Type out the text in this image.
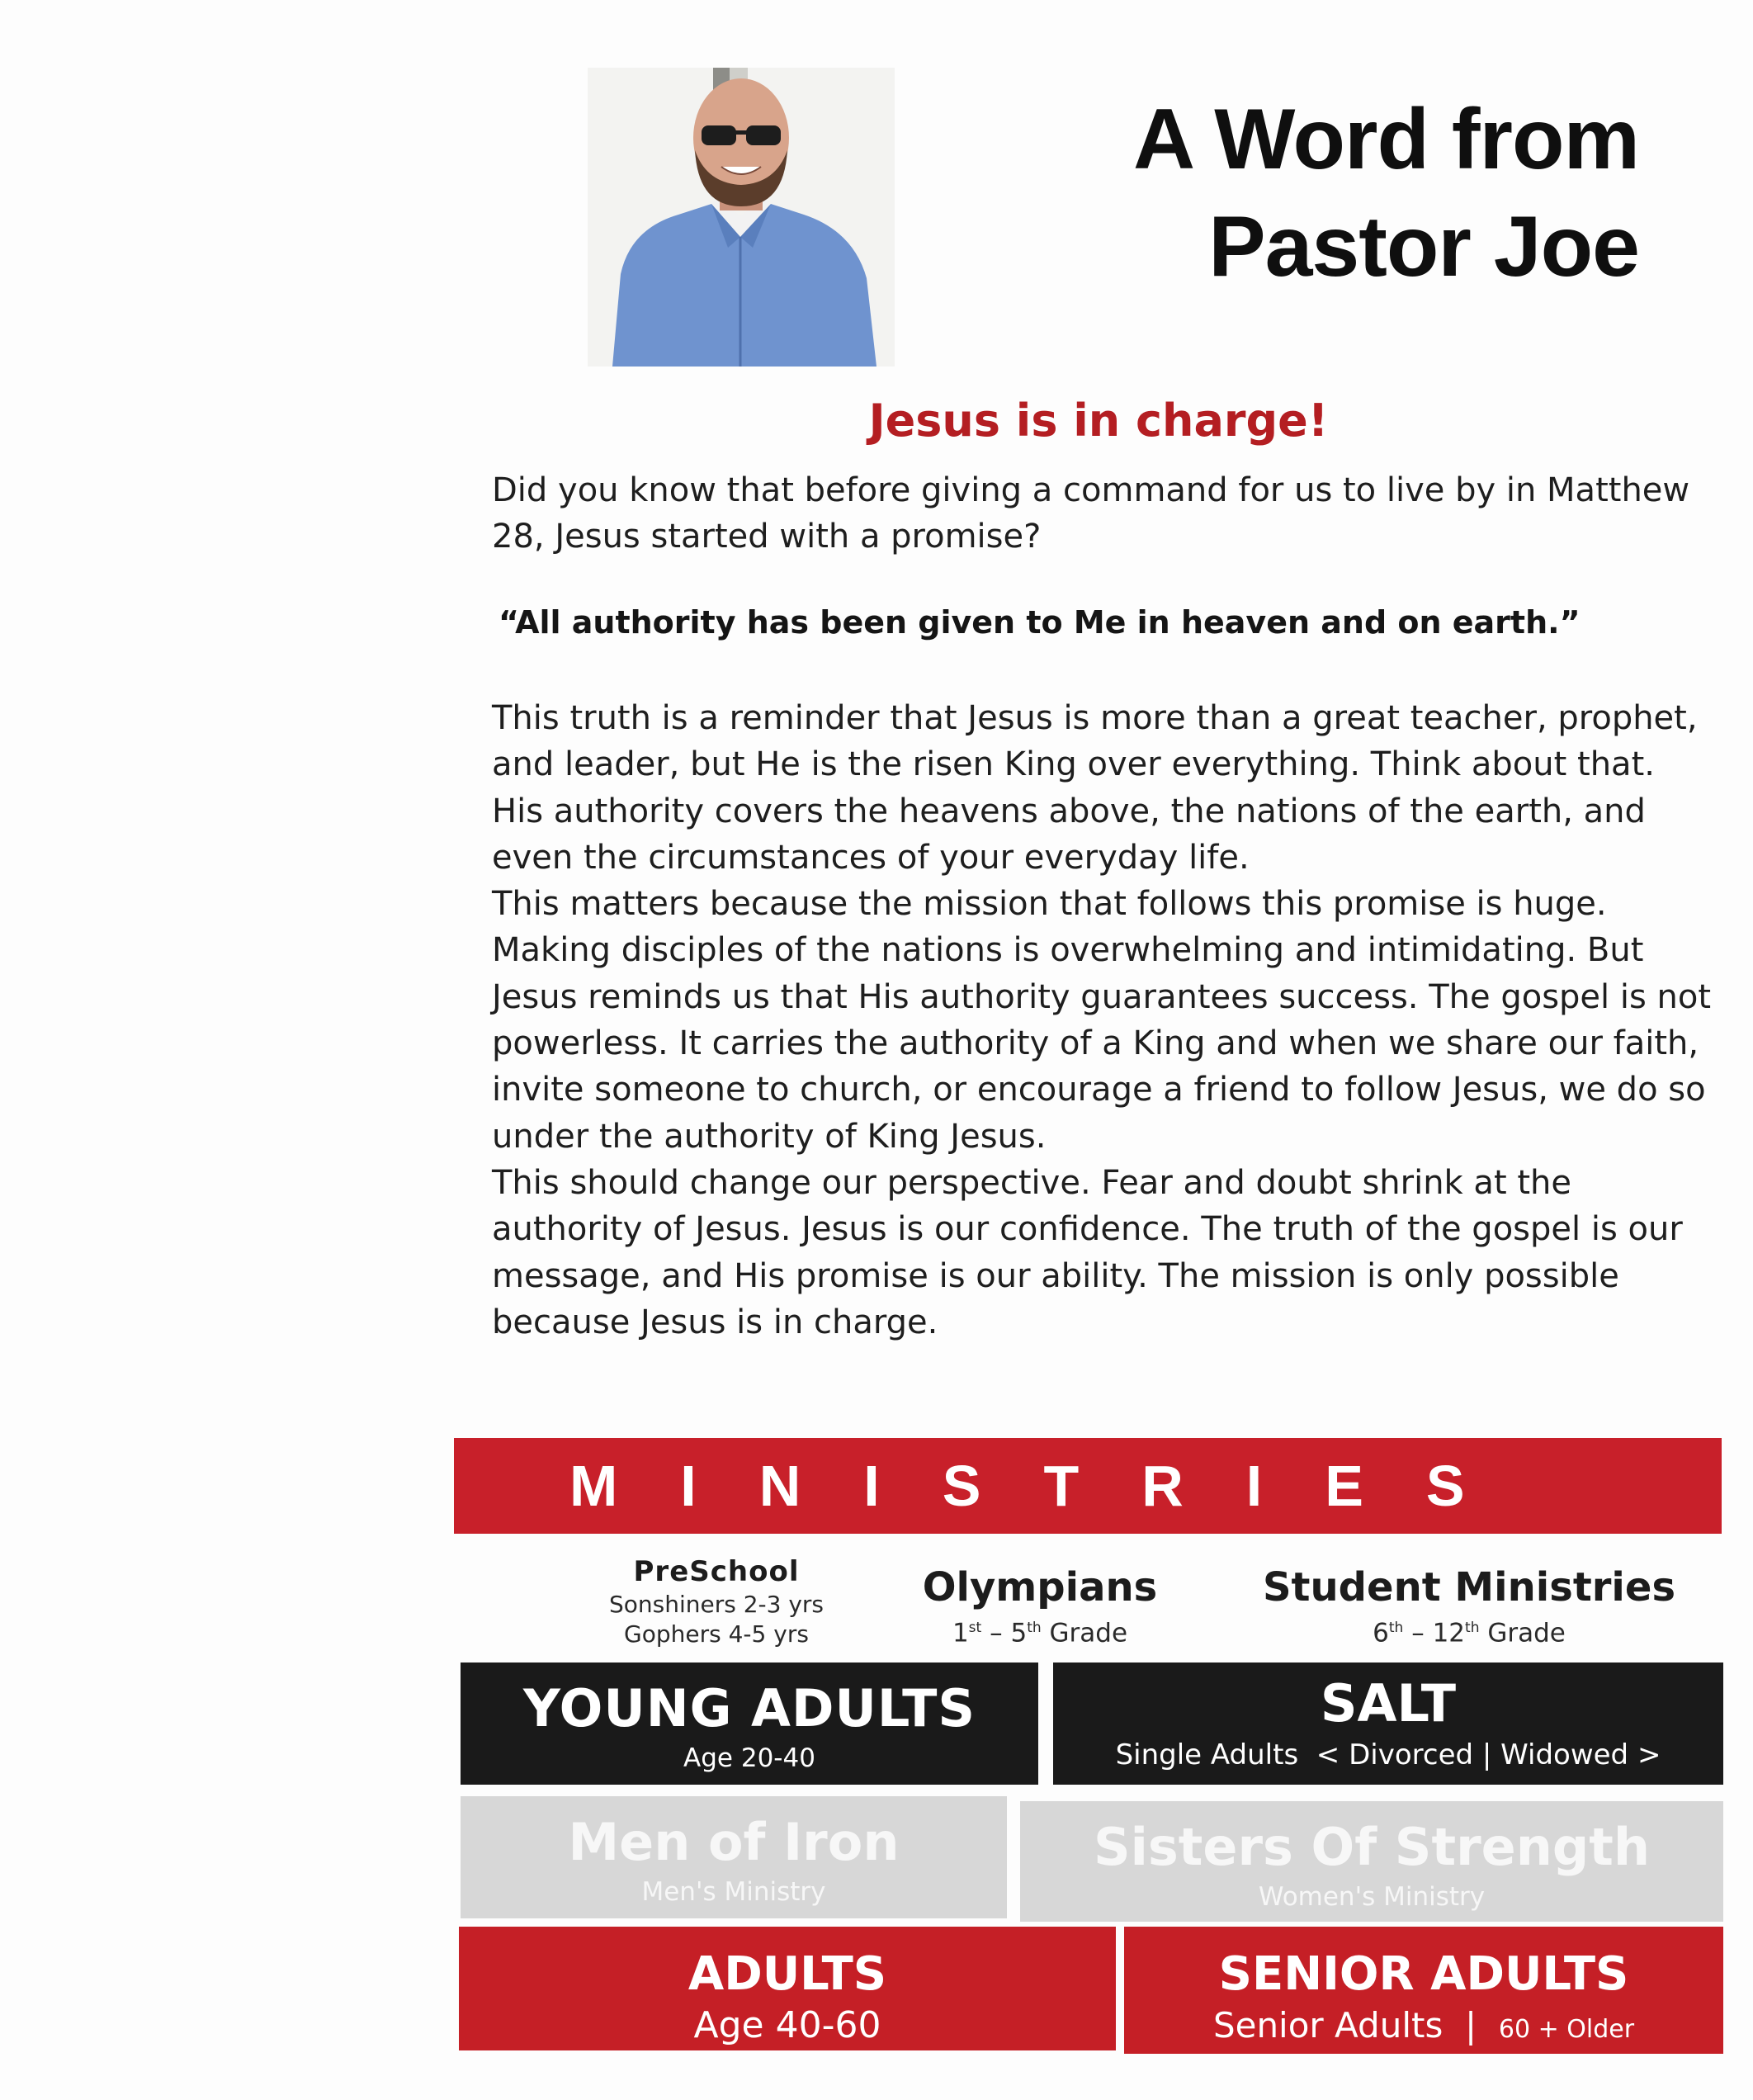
A Word from
Pastor Joe
Jesus is in charge!
Did you know that before giving a command for us to live by in Matthew 28, Jesus started with a promise?
“All authority has been given to Me in heaven and on earth.”
This truth is a reminder that Jesus is more than a great teacher, prophet, and leader, but He is the risen King over everything. Think about that. His authority covers the heavens above, the nations of the earth, and even the circumstances of your everyday life.
This matters because the mission that follows this promise is huge. Making disciples of the nations is overwhelming and intimidating. But Jesus reminds us that His authority guarantees success. The gospel is not powerless. It carries the authority of a King and when we share our faith, invite someone to church, or encourage a friend to follow Jesus, we do so under the authority of King Jesus.
This should change our perspective. Fear and doubt shrink at the authority of Jesus. Jesus is our confidence. The truth of the gospel is our message, and His promise is our ability. The mission is only possible because Jesus is in charge.
MINISTRIES
PreSchool
Sonshiners 2-3 yrs
Gophers 4-5 yrs
Olympians
1st – 5th Grade
Student Ministries
6th – 12th Grade
YOUNG ADULTS
Age 20-40
SALT
Single Adults  < Divorced | Widowed >
Men of Iron
Men's Ministry
Sisters Of Strength
Women's Ministry
ADULTS
Age 40-60
SENIOR ADULTS
Senior Adults  |  60 + Older
